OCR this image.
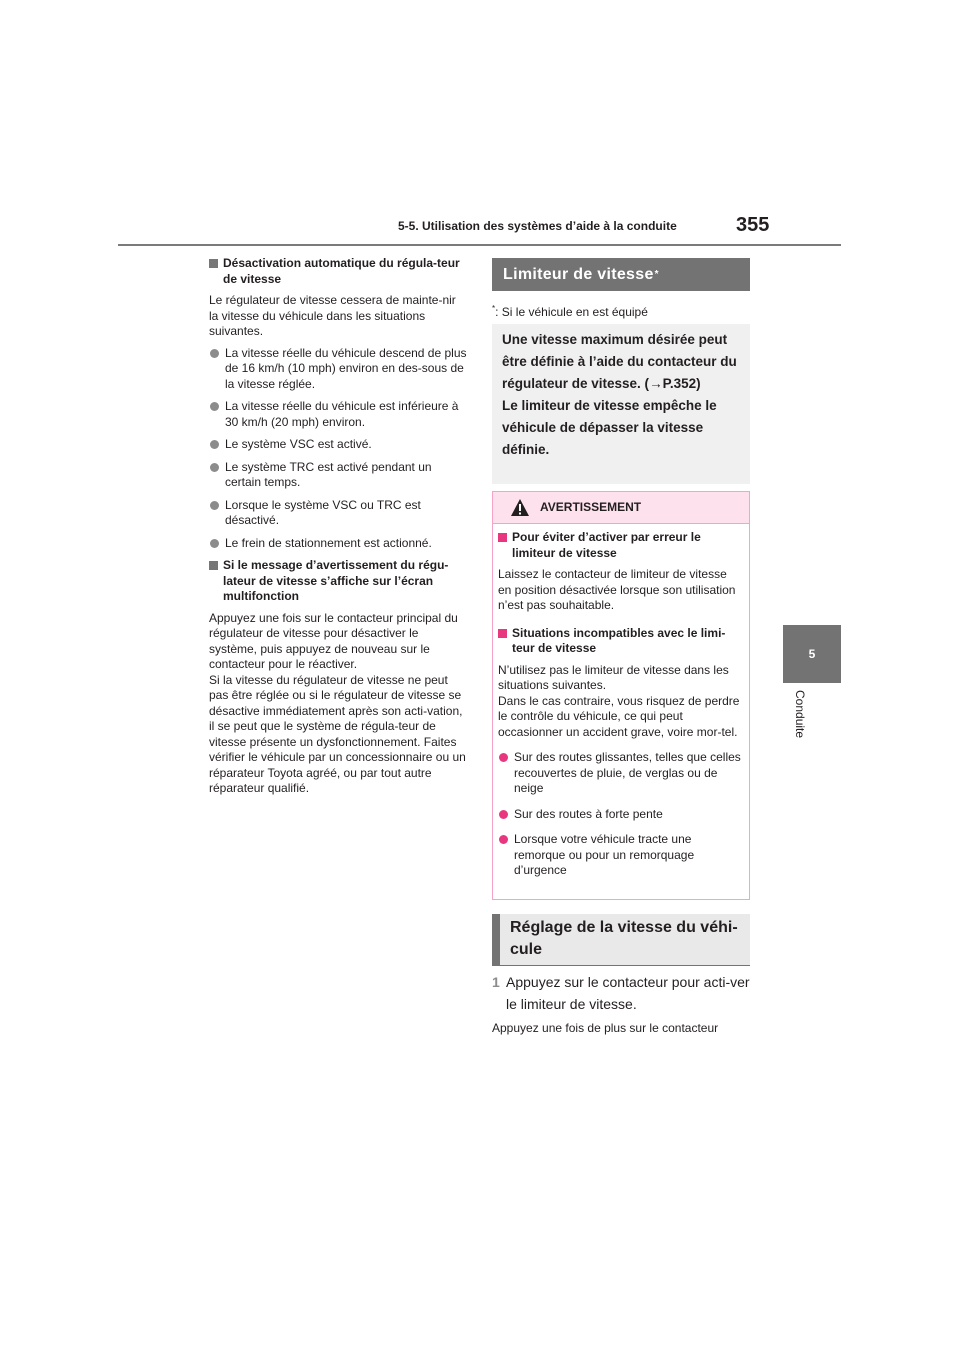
5-5. Utilisation des systèmes d’aide à la conduite	355
5
Conduite
Désactivation automatique du régula-teur de vitesse
Le régulateur de vitesse cessera de mainte-nir la vitesse du véhicule dans les situations suivantes.
La vitesse réelle du véhicule descend de plus de 16 km/h (10 mph) environ en des-sous de la vitesse réglée.
La vitesse réelle du véhicule est inférieure à 30 km/h (20 mph) environ.
Le système VSC est activé.
Le système TRC est activé pendant un certain temps.
Lorsque le système VSC ou TRC est désactivé.
Le frein de stationnement est actionné.
Si le message d’avertissement du régu-lateur de vitesse s’affiche sur l’écran multifonction
Appuyez une fois sur le contacteur principal du régulateur de vitesse pour désactiver le système, puis appuyez de nouveau sur le contacteur pour le réactiver.
Si la vitesse du régulateur de vitesse ne peut pas être réglée ou si le régulateur de vitesse se désactive immédiatement après son acti-vation, il se peut que le système de régula-teur de vitesse présente un dysfonctionnement. Faites vérifier le véhicule par un concessionnaire ou un réparateur Toyota agréé, ou par tout autre réparateur qualifié.
Limiteur de vitesse *
*: Si le véhicule en est équipé
Une vitesse maximum désirée peut être définie à l’aide du contacteur du régulateur de vitesse. (→P.352)
Le limiteur de vitesse empêche le véhicule de dépasser la vitesse définie.
AVERTISSEMENT
Pour éviter d’activer par erreur le limiteur de vitesse
Laissez le contacteur de limiteur de vitesse en position désactivée lorsque son utilisation n’est pas souhaitable.
Situations incompatibles avec le limi-teur de vitesse
N’utilisez pas le limiteur de vitesse dans les situations suivantes.
Dans le cas contraire, vous risquez de perdre le contrôle du véhicule, ce qui peut occasionner un accident grave, voire mor-tel.
Sur des routes glissantes, telles que celles recouvertes de pluie, de verglas ou de neige
Sur des routes à forte pente
Lorsque votre véhicule tracte une remorque ou pour un remorquage d’urgence
Réglage de la vitesse du véhi-cule
1 Appuyez sur le contacteur pour acti-ver le limiteur de vitesse.
Appuyez une fois de plus sur le contacteur
